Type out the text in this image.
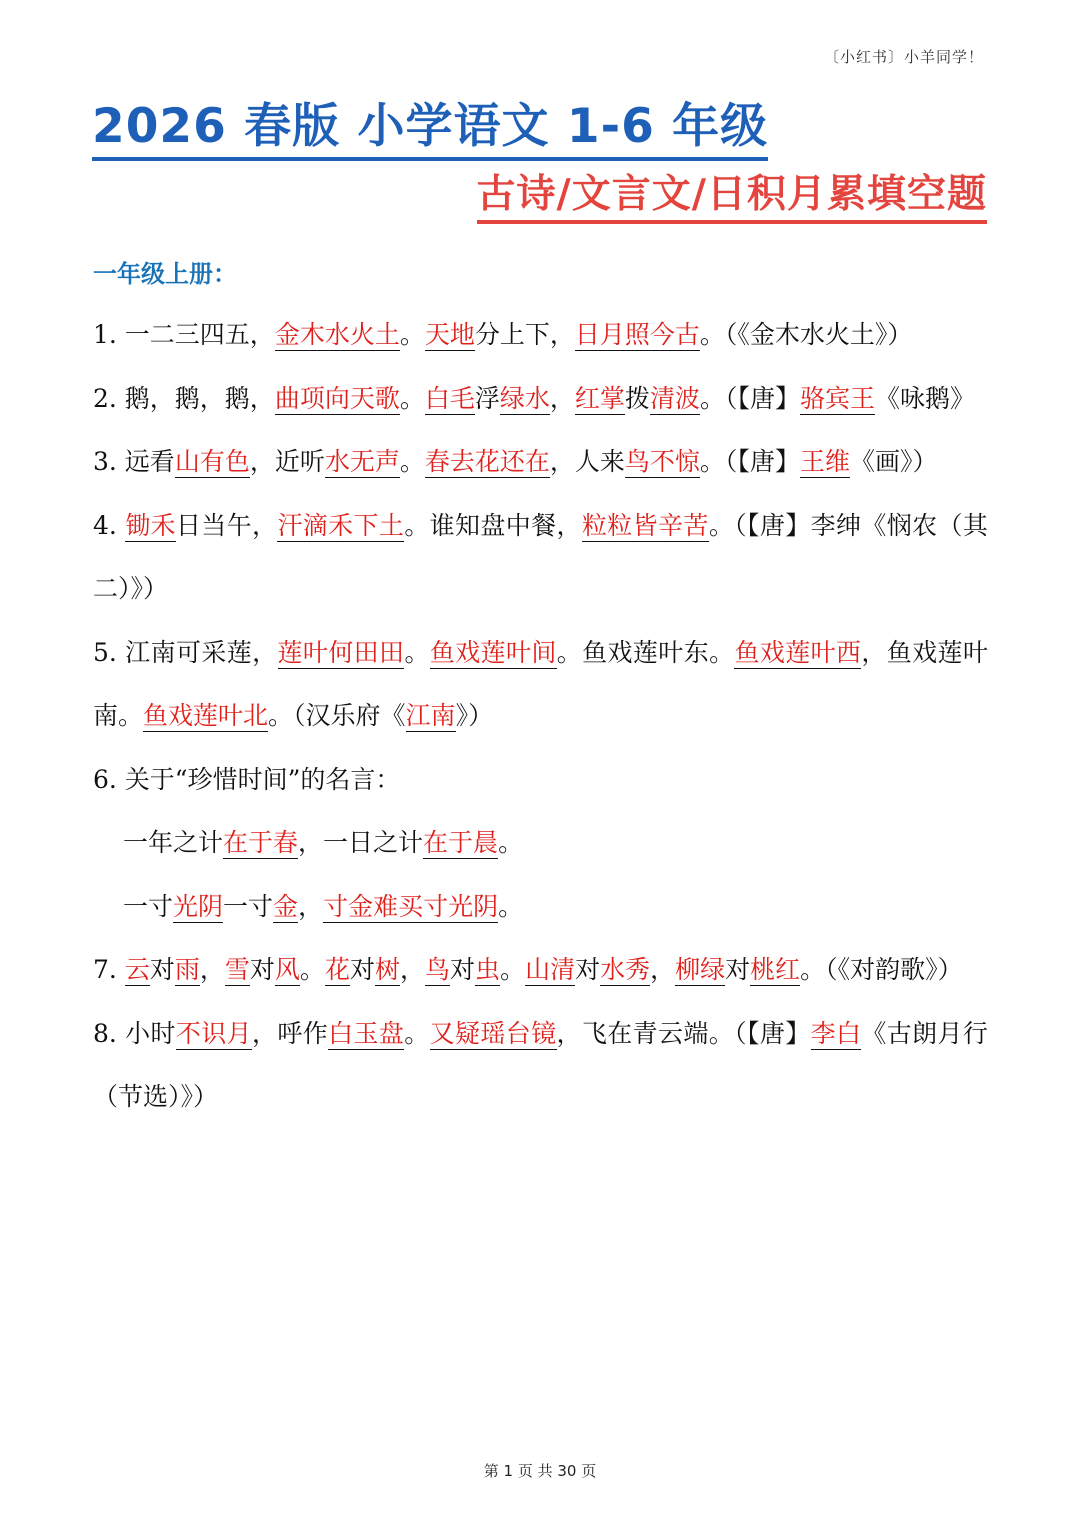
〔小红书〕小羊同学！
2026 春版 小学语文 1-6 年级
古诗/文言文/日积月累填空题
一年级上册：

1. 一二三四五，金木水火土。天地分上下，日月照今古。（《金木水火土》）

2. 鹅，鹅，鹅，曲项向天歌。白毛浮绿水，红掌拨清波。（【唐】骆宾王《咏鹅》

3. 远看山有色，近听水无声。春去花还在，人来鸟不惊。（【唐】王维《画》）

4. 锄禾日当午，汗滴禾下土。谁知盘中餐，粒粒皆辛苦。（【唐】李绅《悯农（其二）》）

5. 江南可采莲，莲叶何田田。鱼戏莲叶间。鱼戏莲叶东。鱼戏莲叶西，鱼戏莲叶南。鱼戏莲叶北。（汉乐府《江南》）

6. 关于“珍惜时间”的名言：

一年之计在于春，一日之计在于晨。

一寸光阴一寸金，寸金难买寸光阴。

7. 云对雨，雪对风。花对树，鸟对虫。山清对水秀，柳绿对桃红。（《对韵歌》）

8. 小时不识月，呼作白玉盘。又疑瑶台镜，飞在青云端。（【唐】李白《古朗月行（节选）》）

第 1 页 共 30 页
